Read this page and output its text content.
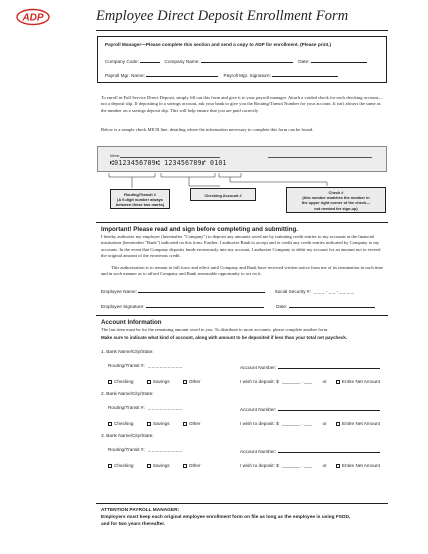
ADP	Employee Direct Deposit Enrollment Form
Payroll Manager—Please complete this section and send a copy to ADP for enrollment. (Please print.)
Company Code:	Company Name:	Date:
Payroll Mgr. Name:	Payroll Mgr. Signature:
To enroll in Full Service Direct Deposit, simply fill out this form and give it to your payroll manager. Attach a voided check for each checking account—not a deposit slip. If depositing to a savings account, ask your bank to give you the Routing/Transit Number for your account. It isn't always the same as the number on a savings deposit slip. This will help ensure that you are paid correctly.
Below is a sample check MICR line, detailing where the information necessary to complete this form can be found.
Memo
⑆0123456789⑆ 123456789⑈ 0101
Routing/Transit #
(A 9-digit number always
between these two marks)
Checking Account #	Check #
(this number matches the number in
the upper right corner of the check—
not needed for sign-up)
Important! Please read and sign before completing and submitting.
I hereby authorize my employer (hereinafter "Company") to deposit any amounts owed me by initiating credit entries to my accounts at the financial institutions (hereinafter "Bank") indicated on this form. Further, I authorize Bank to accept and to credit any credit entries indicated by Company to my accounts. In the event that Company deposits funds erroneously into my account, I authorize Company to debit my account for an amount not to exceed the original amount of the erroneous credit.
This authorization is to remain in full force and effect until Company and Bank have received written notice from me of its termination in such time and in such manner as to afford Company and Bank reasonable opportunity to act on it.
Employee Name:	Social Security #: _ _ _ - _ _ - _ _ _ _
Employee Signature:	Date:
Account Information
The last item must be for the remaining amount owed to you. To distribute to more accounts, please complete another form.
Make sure to indicate what kind of account, along with amount to be deposited if less than your total net paycheck.
1. Bank Name/City/State:
Routing/Transit #: _ _ _ _ _ _ _ _ _	Account Number:
Checking	Savings	Other	I wish to deposit: $ _______ . ___ or	Entire Net Amount
2. Bank Name/City/State:
Routing/Transit #: _ _ _ _ _ _ _ _ _	Account Number:
Checking	Savings	Other	I wish to deposit: $ _______ . ___ or	Entire Net Amount
3. Bank Name/City/State:
Routing/Transit #: _ _ _ _ _ _ _ _ _	Account Number:
Checking	Savings	Other	I wish to deposit: $ _______ . ___ or	Entire Net Amount
ATTENTION PAYROLL MANAGER:
Employers must keep each original employee enrollment form on file as long as the employee is using FSDD, and for two years thereafter.
